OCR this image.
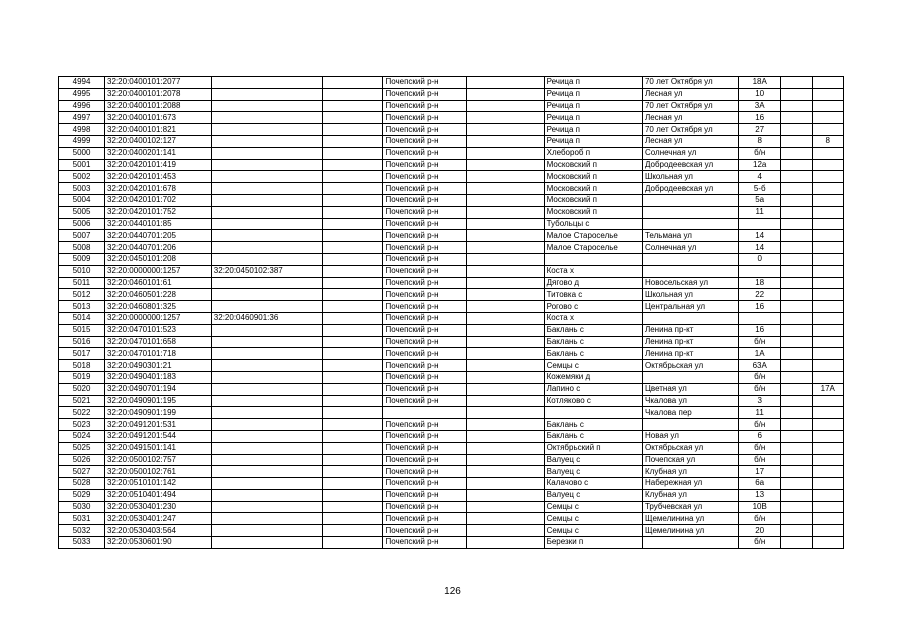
4994	32:20:0400101:2077			Почепский р-н		Речица п	70 лет Октября ул	18А		
4995	32:20:0400101:2078			Почепский р-н		Речица п	Лесная ул	10		
4996	32:20:0400101:2088			Почепский р-н		Речица п	70 лет Октября ул	3А		
4997	32:20:0400101:673			Почепский р-н		Речица п	Лесная ул	16		
4998	32:20:0400101:821			Почепский р-н		Речица п	70 лет Октября ул	27		
4999	32:20:0400102:127			Почепский р-н		Речица п	Лесная ул	8		8
5000	32:20:0400201:141			Почепский р-н		Хлебороб п	Солнечная ул	б/н		
5001	32:20:0420101:419			Почепский р-н		Московский п	Добродеевская ул	12а		
5002	32:20:0420101:453			Почепский р-н		Московский п	Школьная ул	4		
5003	32:20:0420101:678			Почепский р-н		Московский п	Добродеевская ул	5-б		
5004	32:20:0420101:702			Почепский р-н		Московский п		5а		
5005	32:20:0420101:752			Почепский р-н		Московский п		11		
5006	32:20:0440101:85			Почепский р-н		Тубольцы с				
5007	32:20:0440701:205			Почепский р-н		Малое Староселье	Тельмана ул	14		
5008	32:20:0440701:206			Почепский р-н		Малое Староселье	Солнечная ул	14		
5009	32:20:0450101:208			Почепский р-н				0		
5010	32:20:0000000:1257	32:20:0450102:387		Почепский р-н		Коста х				
5011	32:20:0460101:61			Почепский р-н		Дягово д	Новосельская ул	18		
5012	32:20:0460501:228			Почепский р-н		Титовка с	Школьная ул	22		
5013	32:20:0460801:325			Почепский р-н		Рогово с	Центральная ул	16		
5014	32:20:0000000:1257	32:20:0460901:36		Почепский р-н		Коста х				
5015	32:20:0470101:523			Почепский р-н		Баклань с	Ленина пр-кт	16		
5016	32:20:0470101:658			Почепский р-н		Баклань с	Ленина пр-кт	б/н		
5017	32:20:0470101:718			Почепский р-н		Баклань с	Ленина пр-кт	1А		
5018	32:20:0490301:21			Почепский р-н		Семцы с	Октябрьская ул	63А		
5019	32:20:0490401:183			Почепский р-н		Кожемяки д		б/н		
5020	32:20:0490701:194			Почепский р-н		Лапино с	Цветная ул	б/н		17А
5021	32:20:0490901:195			Почепский р-н		Котляково с	Чкалова ул	3		
5022	32:20:0490901:199						Чкалова пер	11		
5023	32:20:0491201:531			Почепский р-н		Баклань с		б/н		
5024	32:20:0491201:544			Почепский р-н		Баклань с	Новая ул	6		
5025	32:20:0491501:141			Почепский р-н		Октябрьский п	Октябрьская ул	б/н		
5026	32:20:0500102:757			Почепский р-н		Валуец с	Почепская ул	б/н		
5027	32:20:0500102:761			Почепский р-н		Валуец с	Клубная ул	17		
5028	32:20:0510101:142			Почепский р-н		Калачово с	Набережная ул	6а		
5029	32:20:0510401:494			Почепский р-н		Валуец с	Клубная ул	13		
5030	32:20:0530401:230			Почепский р-н		Семцы с	Трубчевская ул	10В		
5031	32:20:0530401:247			Почепский р-н		Семцы с	Щемелинина ул	б/н		
5032	32:20:0530403:564			Почепский р-н		Семцы с	Щемелинина ул	20		
5033	32:20:0530601:90			Почепский р-н		Березки п		б/н		
126
